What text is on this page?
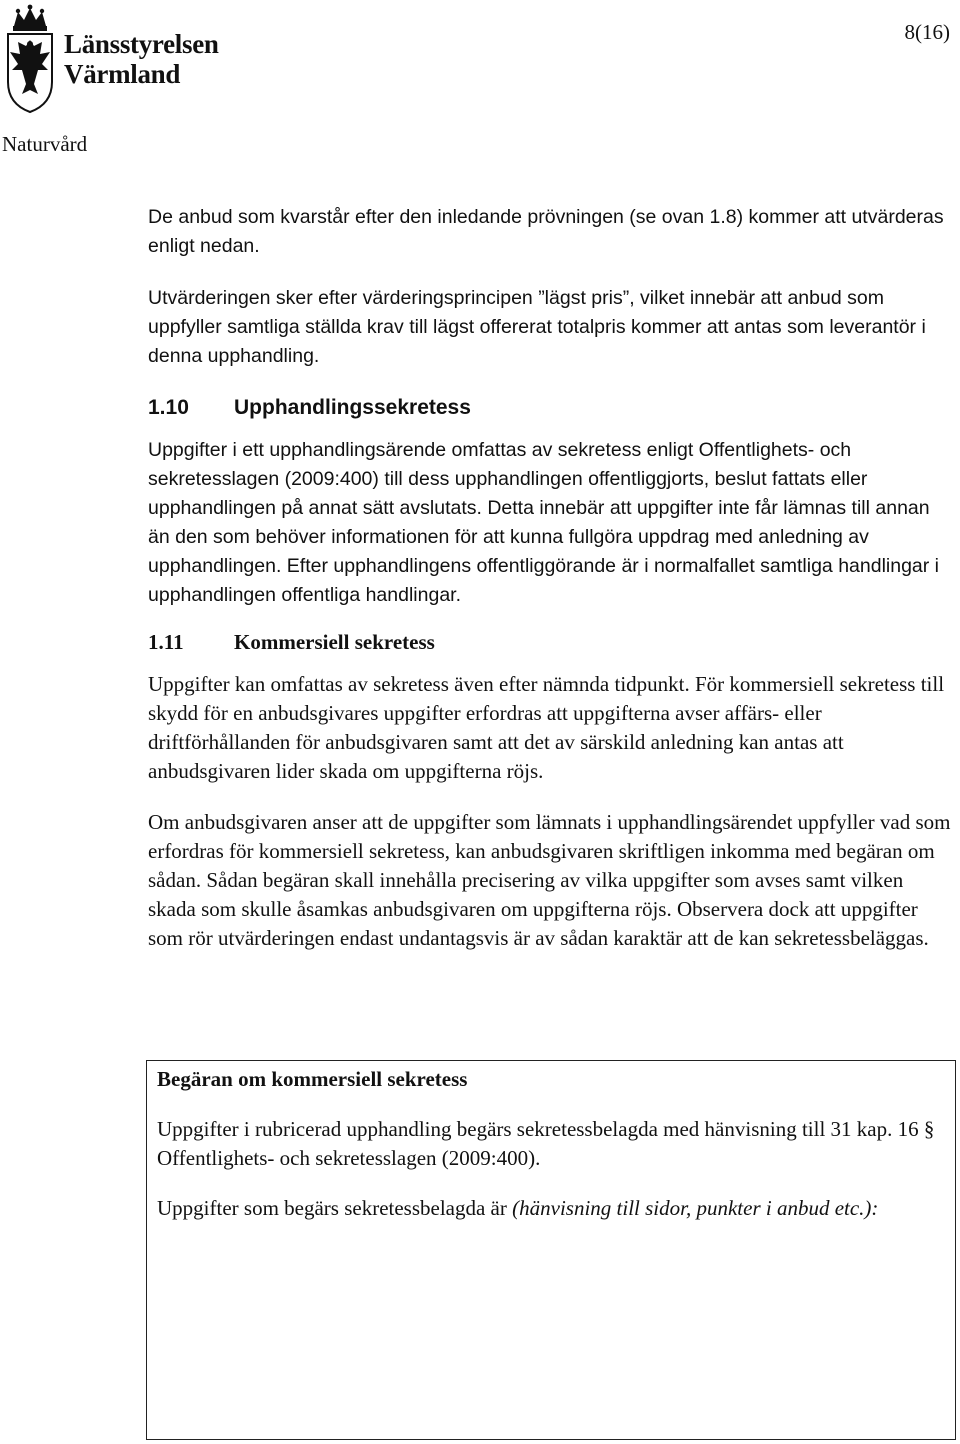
8(16)
Länsstyrelsen
Värmland
Naturvård

De anbud som kvarstår efter den inledande prövningen (se ovan 1.8) kommer att utvärderas enligt nedan.

Utvärderingen sker efter värderingsprincipen ”lägst pris”, vilket innebär att anbud som uppfyller samtliga ställda krav till lägst offererat totalpris kommer att antas som leverantör i denna upphandling.

1.10	Upphandlingssekretess

Uppgifter i ett upphandlingsärende omfattas av sekretess enligt Offentlighets- och sekretesslagen (2009:400) till dess upphandlingen offentliggjorts, beslut fattats eller upphandlingen på annat sätt avslutats. Detta innebär att uppgifter inte får lämnas till annan än den som behöver informationen för att kunna fullgöra uppdrag med anledning av upphandlingen. Efter upphandlingens offentliggörande är i normalfallet samtliga handlingar i upphandlingen offentliga handlingar.

1.11	Kommersiell sekretess

Uppgifter kan omfattas av sekretess även efter nämnda tidpunkt. För kommersiell sekretess till skydd för en anbudsgivares uppgifter erfordras att uppgifterna avser affärs- eller driftförhållanden för anbudsgivaren samt att det av särskild anledning kan antas att anbudsgivaren lider skada om uppgifterna röjs.

Om anbudsgivaren anser att de uppgifter som lämnats i upphandlingsärendet uppfyller vad som erfordras för kommersiell sekretess, kan anbudsgivaren skriftligen inkomma med begäran om sådan. Sådan begäran skall innehålla precisering av vilka uppgifter som avses samt vilken skada som skulle åsamkas anbudsgivaren om uppgifterna röjs. Observera dock att uppgifter som rör utvärderingen endast undantagsvis är av sådan karaktär att de kan sekretessbeläggas.

Begäran om kommersiell sekretess

Uppgifter i rubricerad upphandling begärs sekretessbelagda med hänvisning till 31 kap. 16 § Offentlighets- och sekretesslagen (2009:400).

Uppgifter som begärs sekretessbelagda är (hänvisning till sidor, punkter i anbud etc.):
